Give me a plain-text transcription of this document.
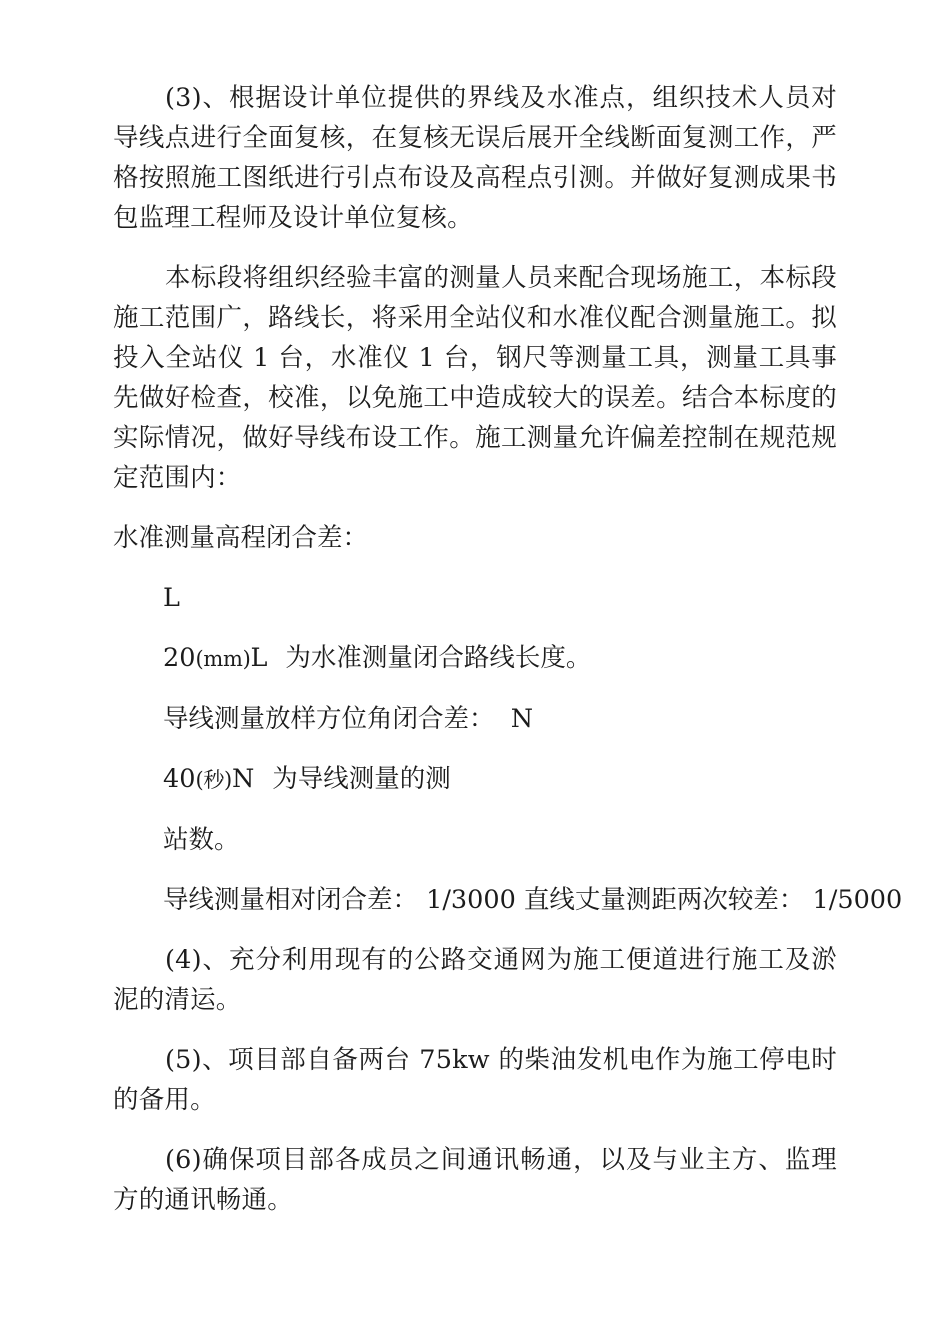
(3)、根据设计单位提供的界线及水准点，组织技术人员对导线点进行全面复核，在复核无误后展开全线断面复测工作，严格按照施工图纸进行引点布设及高程点引测。并做好复测成果书包监理工程师及设计单位复核。

本标段将组织经验丰富的测量人员来配合现场施工，本标段施工范围广，路线长，将采用全站仪和水准仪配合测量施工。拟投入全站仪 1 台，水准仪 1 台，钢尺等测量工具，测量工具事先做好检查，校准，以免施工中造成较大的误差。结合本标度的实际情况，做好导线布设工作。施工测量允许偏差控制在规范规定范围内：

水准测量高程闭合差：

L

20(mm)L 为水准测量闭合路线长度。

导线测量放样方位角闭合差：  N

40(秒)N 为导线测量的测

站数。

导线测量相对闭合差： 1/3000 直线丈量测距两次较差： 1/5000

(4)、充分利用现有的公路交通网为施工便道进行施工及淤泥的清运。

(5)、项目部自备两台 75kw 的柴油发机电作为施工停电时的备用。

(6)确保项目部各成员之间通讯畅通，以及与业主方、监理方的通讯畅通。
